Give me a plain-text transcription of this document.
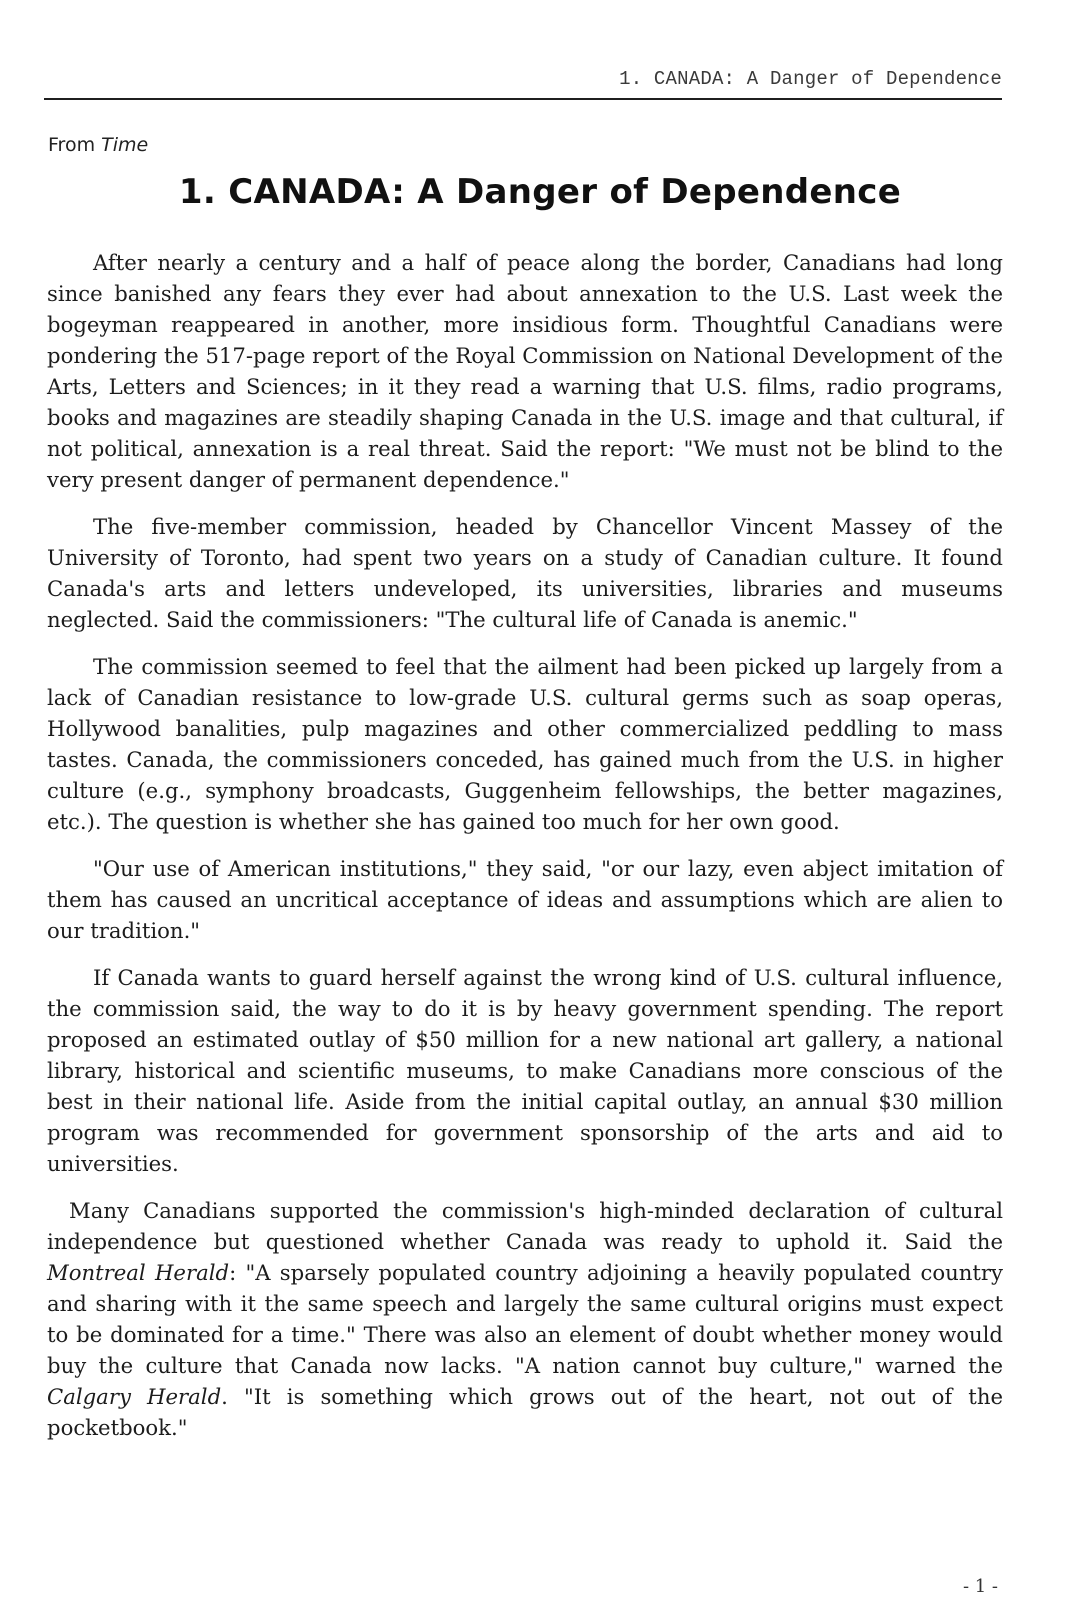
1. CANADA: A Danger of Dependence
From Time
1. CANADA: A Danger of Dependence

After nearly a century and a half of peace along the border, Canadians had long since banished any fears they ever had about annexation to the U.S. Last week the bogeyman reappeared in another, more insidious form. Thoughtful Canadians were pondering the 517-page report of the Royal Commission on National Development of the Arts, Letters and Sciences; in it they read a warning that U.S. films, radio programs, books and magazines are steadily shaping Canada in the U.S. image and that cultural, if not political, annexation is a real threat. Said the report: "We must not be blind to the very present danger of permanent dependence."

The five-member commission, headed by Chancellor Vincent Massey of the University of Toronto, had spent two years on a study of Canadian culture. It found Canada's arts and letters undeveloped, its universities, libraries and museums neglected. Said the commissioners: "The cultural life of Canada is anemic."

The commission seemed to feel that the ailment had been picked up largely from a lack of Canadian resistance to low-grade U.S. cultural germs such as soap operas, Hollywood banalities, pulp magazines and other commercialized peddling to mass tastes. Canada, the commissioners conceded, has gained much from the U.S. in higher culture (e.g., symphony broadcasts, Guggenheim fellowships, the better magazines, etc.). The question is whether she has gained too much for her own good.

"Our use of American institutions," they said, "or our lazy, even abject imitation of them has caused an uncritical acceptance of ideas and assumptions which are alien to our tradition."

If Canada wants to guard herself against the wrong kind of U.S. cultural influence, the commission said, the way to do it is by heavy government spending. The report proposed an estimated outlay of $50 million for a new national art gallery, a national library, historical and scientific museums, to make Canadians more conscious of the best in their national life. Aside from the initial capital outlay, an annual $30 million program was recommended for government sponsorship of the arts and aid to universities.

Many Canadians supported the commission's high-minded declaration of cultural independence but questioned whether Canada was ready to uphold it. Said the Montreal Herald: "A sparsely populated country adjoining a heavily populated country and sharing with it the same speech and largely the same cultural origins must expect to be dominated for a time." There was also an element of doubt whether money would buy the culture that Canada now lacks. "A nation cannot buy culture," warned the Calgary Herald. "It is something which grows out of the heart, not out of the pocketbook."

- 1 -
